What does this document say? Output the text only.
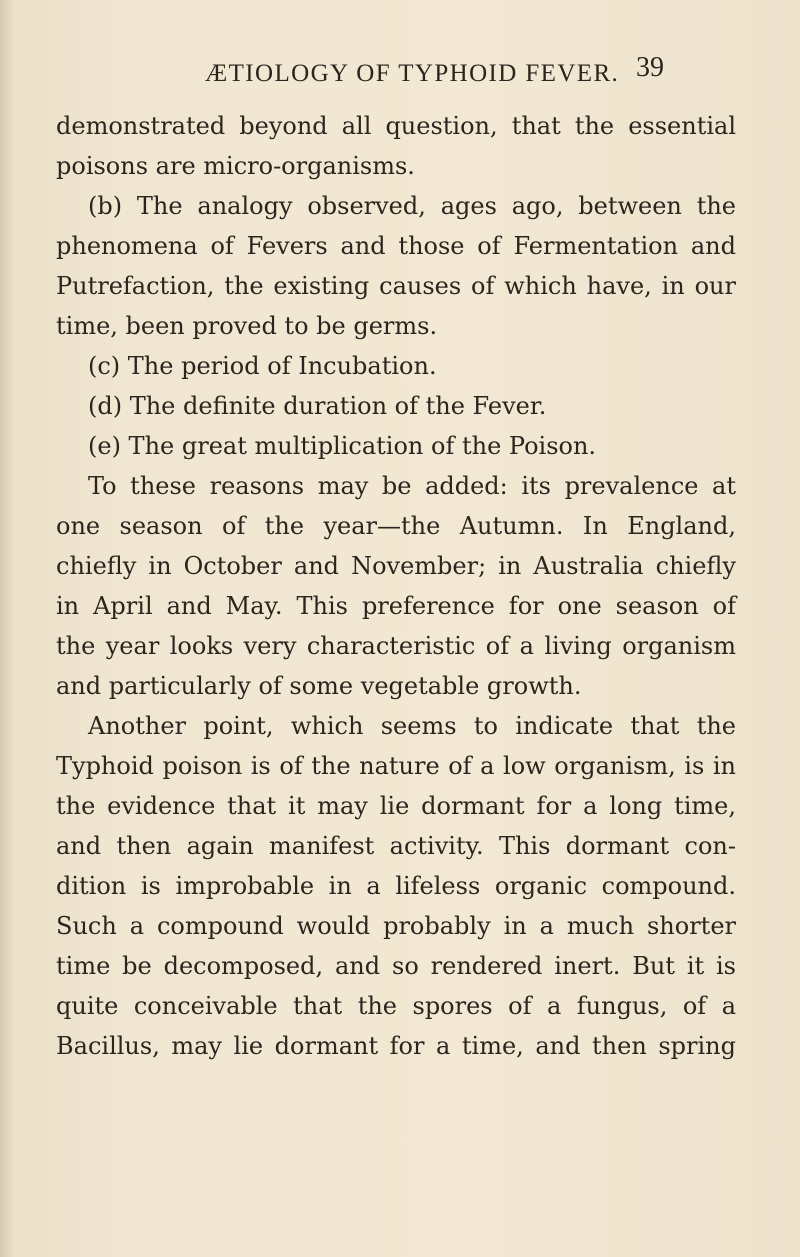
ÆTIOLOGY OF TYPHOID FEVER. 39
demonstrated beyond all question, that the essential
poisons are micro-organisms.
(b) The analogy observed, ages ago, between the
phenomena of Fevers and those of Fermentation and
Putrefaction, the existing causes of which have, in our
time, been proved to be germs.
(c) The period of Incubation.
(d) The definite duration of the Fever.
(e) The great multiplication of the Poison.
To these reasons may be added: its prevalence at
one season of the year—the Autumn. In England,
chiefly in October and November; in Australia chiefly
in April and May. This preference for one season of
the year looks very characteristic of a living organism
and particularly of some vegetable growth.
Another point, which seems to indicate that the
Typhoid poison is of the nature of a low organism, is in
the evidence that it may lie dormant for a long time,
and then again manifest activity. This dormant con-
dition is improbable in a lifeless organic compound.
Such a compound would probably in a much shorter
time be decomposed, and so rendered inert. But it is
quite conceivable that the spores of a fungus, of a
Bacillus, may lie dormant for a time, and then spring
